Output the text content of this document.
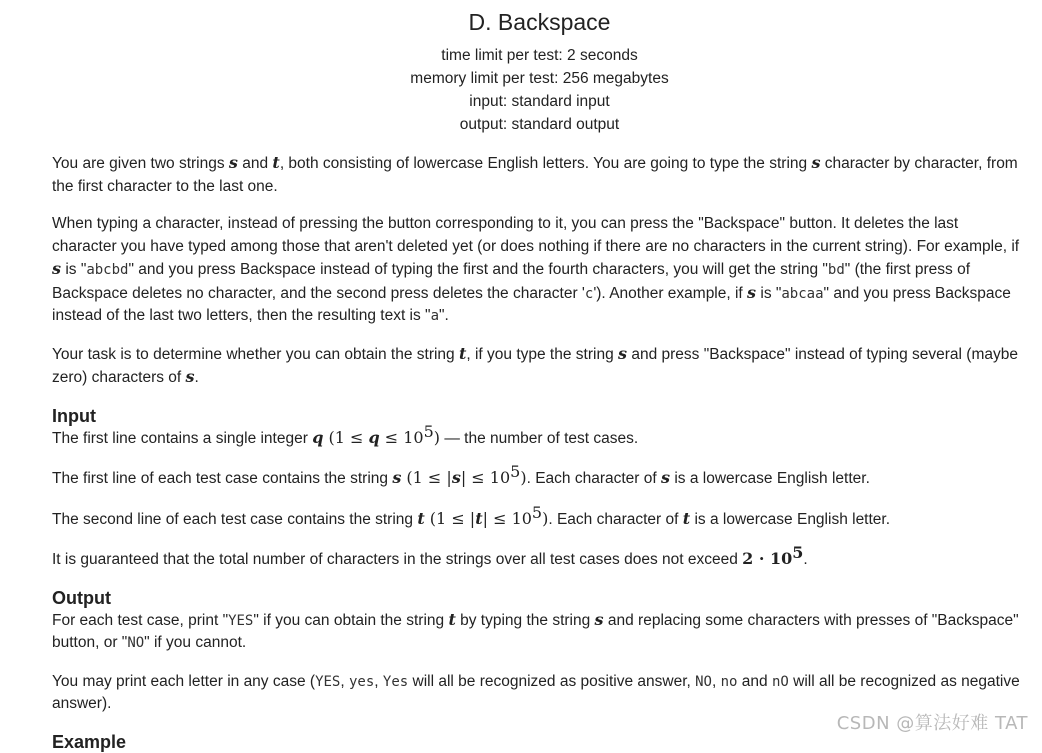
D. Backspace
time limit per test: 2 seconds
memory limit per test: 256 megabytes
input: standard input
output: standard output

You are given two strings s and t, both consisting of lowercase English letters. You are going to type the string s character by character, from the first character to the last one.

When typing a character, instead of pressing the button corresponding to it, you can press the "Backspace" button. It deletes the last character you have typed among those that aren't deleted yet (or does nothing if there are no characters in the current string). For example, if s is "abcbd" and you press Backspace instead of typing the first and the fourth characters, you will get the string "bd" (the first press of Backspace deletes no character, and the second press deletes the character 'c'). Another example, if s is "abcaa" and you press Backspace instead of the last two letters, then the resulting text is "a".

Your task is to determine whether you can obtain the string t, if you type the string s and press "Backspace" instead of typing several (maybe zero) characters of s.

Input

The first line contains a single integer q $(1 \le q \le 10^5)$ — the number of test cases.

The first line of each test case contains the string s $(1 \le |s| \le 10^5)$. Each character of s is a lowercase English letter.

The second line of each test case contains the string t $(1 \le |t| \le 10^5)$. Each character of t is a lowercase English letter.

It is guaranteed that the total number of characters in the strings over all test cases does not exceed $2 \cdot 10^5$.

Output

For each test case, print "YES" if you can obtain the string t by typing the string s and replacing some characters with presses of "Backspace" button, or "NO" if you cannot.

You may print each letter in any case (YES, yes, Yes will all be recognized as positive answer, NO, no and nO will all be recognized as negative answer).

Example
CSDN @算法好难 TAT
